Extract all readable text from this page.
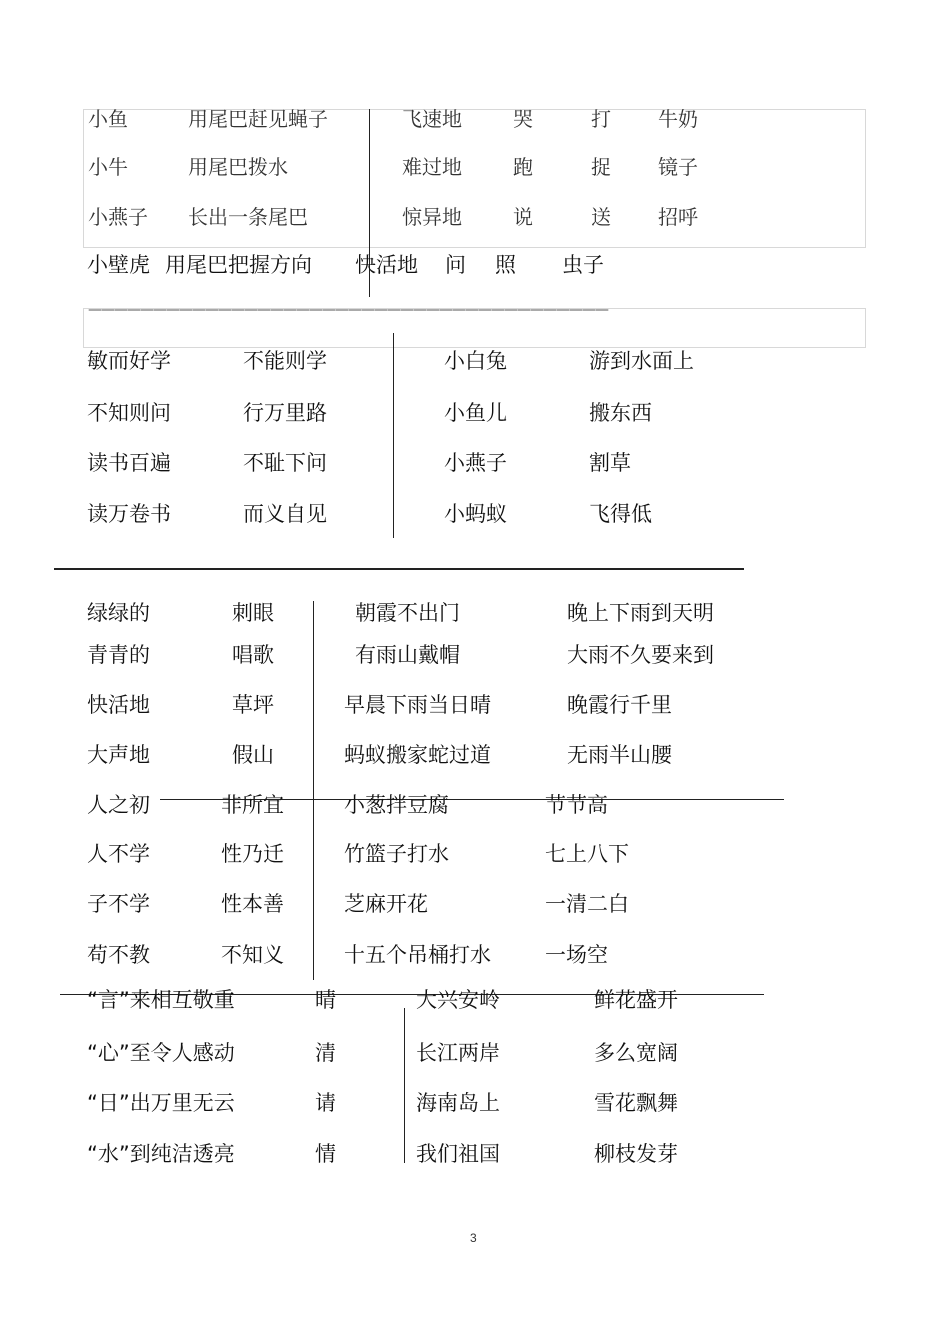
小鱼	用尾巴赶见蝇子	飞速地	哭	打 牛奶
小牛	用尾巴拨水	难过地	跑	捉 镜子
小燕子 长出一条尾巴	惊异地	说	送 招呼
小壁虎 用尾巴把握方向 快活地 问 照 虫子
————————————————————————————————————————
敏而好学	不能则学	小白兔	游到水面上
不知则问	行万里路	小鱼儿	搬东西
读书百遍	不耻下问	小燕子	割草
读万卷书	而义自见	小蚂蚁	飞得低
绿绿的	刺眼	朝霞不出门	晚上下雨到天明
青青的	唱歌	有雨山戴帽	大雨不久要来到
快活地	草坪	早晨下雨当日晴	晚霞行千里
大声地	假山	蚂蚁搬家蛇过道	无雨半山腰
人之初	非所宜	小葱拌豆腐	节节高
人不学	性乃迁	竹篮子打水	七上八下
子不学	性本善	芝麻开花	一清二白
苟不教	不知义	十五个吊桶打水	一场空
“言”来相互敬重	晴	大兴安岭	鲜花盛开
“心”至令人感动	清	长江两岸	多么宽阔
“日”出万里无云	请	海南岛上	雪花飘舞
“水”到纯洁透亮	情	我们祖国	柳枝发芽
3
